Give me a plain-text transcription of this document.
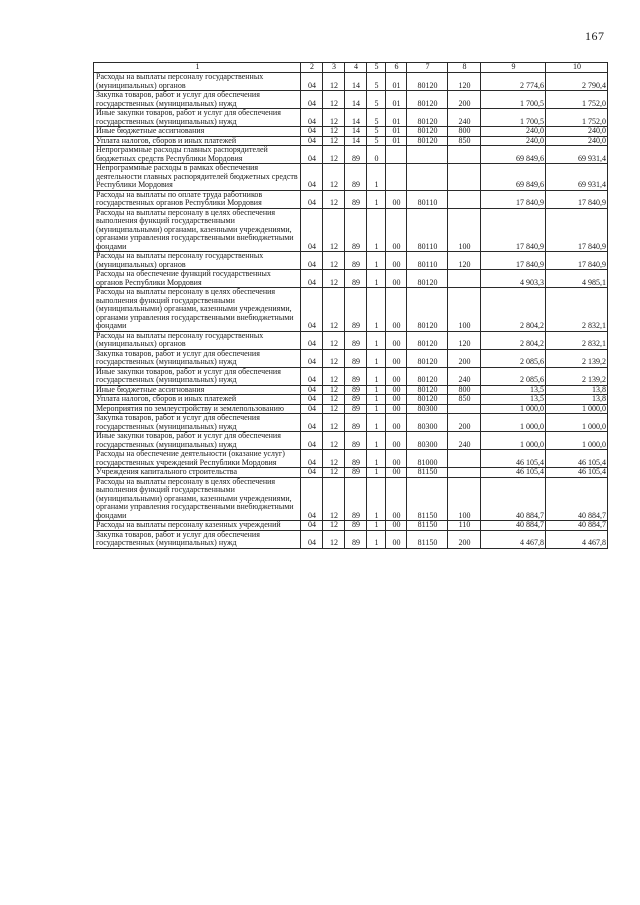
167
1	2	3	4	5	6	7	8	9	10
Расходы на выплаты персоналу государственных (муниципальных) органов	04	12	14	5	01	80120	120	2 774,6	2 790,4
Закупка товаров, работ и услуг для обеспечения государственных (муниципальных) нужд	04	12	14	5	01	80120	200	1 700,5	1 752,0
Иные закупки товаров, работ и услуг для обеспечения государственных (муниципальных) нужд	04	12	14	5	01	80120	240	1 700,5	1 752,0
Иные бюджетные ассигнования	04	12	14	5	01	80120	800	240,0	240,0
Уплата налогов, сборов и иных платежей	04	12	14	5	01	80120	850	240,0	240,0
Непрограммные расходы главных распорядителей бюджетных средств Республики Мордовия	04	12	89	0				69 849,6	69 931,4
Непрограммные расходы в рамках обеспечения деятельности главных распорядителей бюджетных средств Республики Мордовия	04	12	89	1				69 849,6	69 931,4
Расходы на выплаты по оплате труда работников государственных органов Республики Мордовия	04	12	89	1	00	80110		17 840,9	17 840,9
Расходы на выплаты персоналу в целях обеспечения выполнения функций государственными (муниципальными) органами, казенными учреждениями, органами управления государственными внебюджетными фондами	04	12	89	1	00	80110	100	17 840,9	17 840,9
Расходы на выплаты персоналу государственных (муниципальных) органов	04	12	89	1	00	80110	120	17 840,9	17 840,9
Расходы на обеспечение функций государственных органов Республики Мордовия	04	12	89	1	00	80120		4 903,3	4 985,1
Расходы на выплаты персоналу в целях обеспечения выполнения функций государственными (муниципальными) органами, казенными учреждениями, органами управления государственными внебюджетными фондами	04	12	89	1	00	80120	100	2 804,2	2 832,1
Расходы на выплаты персоналу государственных (муниципальных) органов	04	12	89	1	00	80120	120	2 804,2	2 832,1
Закупка товаров, работ и услуг для обеспечения государственных (муниципальных) нужд	04	12	89	1	00	80120	200	2 085,6	2 139,2
Иные закупки товаров, работ и услуг для обеспечения государственных (муниципальных) нужд	04	12	89	1	00	80120	240	2 085,6	2 139,2
Иные бюджетные ассигнования	04	12	89	1	00	80120	800	13,5	13,8
Уплата налогов, сборов и иных платежей	04	12	89	1	00	80120	850	13,5	13,8
Мероприятия по землеустройству и землепользованию	04	12	89	1	00	80300		1 000,0	1 000,0
Закупка товаров, работ и услуг для обеспечения государственных (муниципальных) нужд	04	12	89	1	00	80300	200	1 000,0	1 000,0
Иные закупки товаров, работ и услуг для обеспечения государственных (муниципальных) нужд	04	12	89	1	00	80300	240	1 000,0	1 000,0
Расходы на обеспечение деятельности (оказание услуг) государственных учреждений Республики Мордовия	04	12	89	1	00	81000		46 105,4	46 105,4
Учреждения капитального строительства	04	12	89	1	00	81150		46 105,4	46 105,4
Расходы на выплаты персоналу в целях обеспечения выполнения функций государственными (муниципальными) органами, казенными учреждениями, органами управления государственными внебюджетными фондами	04	12	89	1	00	81150	100	40 884,7	40 884,7
Расходы на выплаты персоналу казенных учреждений	04	12	89	1	00	81150	110	40 884,7	40 884,7
Закупка товаров, работ и услуг для обеспечения государственных (муниципальных) нужд	04	12	89	1	00	81150	200	4 467,8	4 467,8
